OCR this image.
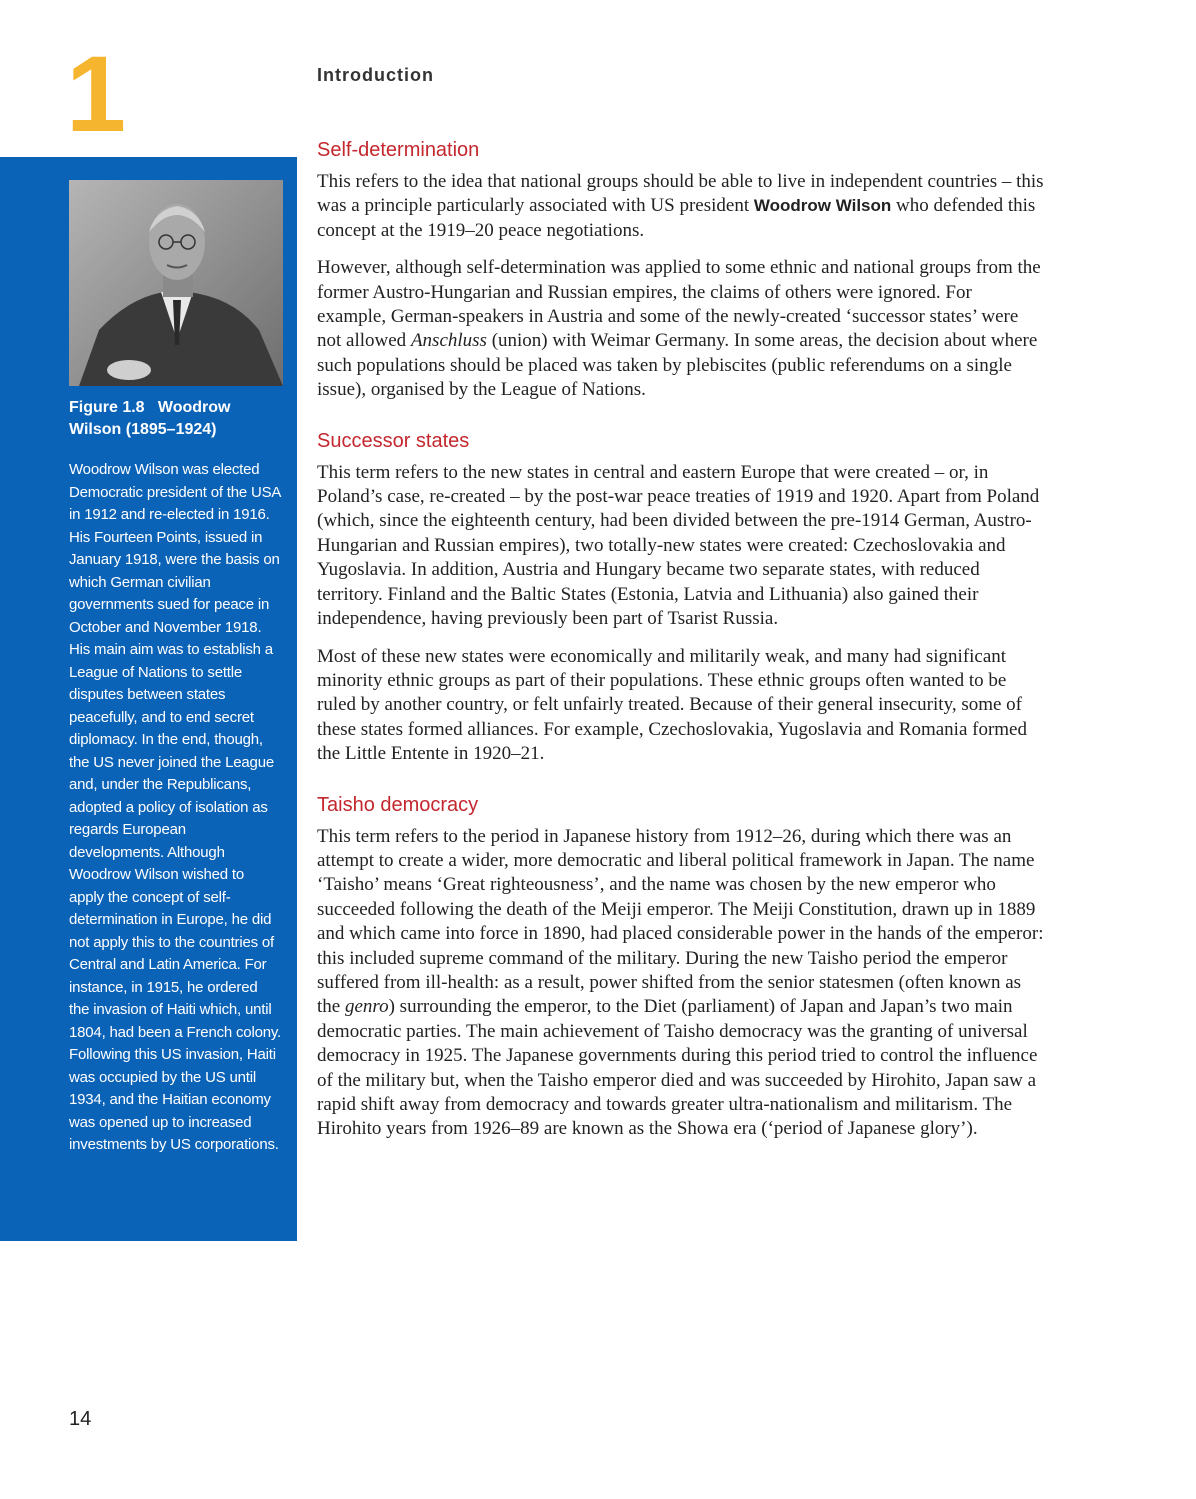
1	Introduction
Figure 1.8 Woodrow Wilson (1895–1924)
Woodrow Wilson was elected Democratic president of the USA in 1912 and re-elected in 1916. His Fourteen Points, issued in January 1918, were the basis on which German civilian governments sued for peace in October and November 1918. His main aim was to establish a League of Nations to settle disputes between states peacefully, and to end secret diplomacy. In the end, though, the US never joined the League and, under the Republicans, adopted a policy of isolation as regards European developments. Although Woodrow Wilson wished to apply the concept of self-determination in Europe, he did not apply this to the countries of Central and Latin America. For instance, in 1915, he ordered the invasion of Haiti which, until 1804, had been a French colony. Following this US invasion, Haiti was occupied by the US until 1934, and the Haitian economy was opened up to increased investments by US corporations.
Self-determination

This refers to the idea that national groups should be able to live in independent countries – this was a principle particularly associated with US president Woodrow Wilson who defended this concept at the 1919–20 peace negotiations.

However, although self-determination was applied to some ethnic and national groups from the former Austro-Hungarian and Russian empires, the claims of others were ignored. For example, German-speakers in Austria and some of the newly-created ‘successor states’ were not allowed Anschluss (union) with Weimar Germany. In some areas, the decision about where such populations should be placed was taken by plebiscites (public referendums on a single issue), organised by the League of Nations.

Successor states

This term refers to the new states in central and eastern Europe that were created – or, in Poland’s case, re-created – by the post-war peace treaties of 1919 and 1920. Apart from Poland (which, since the eighteenth century, had been divided between the pre-1914 German, Austro-Hungarian and Russian empires), two totally-new states were created: Czechoslovakia and Yugoslavia. In addition, Austria and Hungary became two separate states, with reduced territory. Finland and the Baltic States (Estonia, Latvia and Lithuania) also gained their independence, having previously been part of Tsarist Russia.

Most of these new states were economically and militarily weak, and many had significant minority ethnic groups as part of their populations. These ethnic groups often wanted to be ruled by another country, or felt unfairly treated. Because of their general insecurity, some of these states formed alliances. For example, Czechoslovakia, Yugoslavia and Romania formed the Little Entente in 1920–21.

Taisho democracy

This term refers to the period in Japanese history from 1912–26, during which there was an attempt to create a wider, more democratic and liberal political framework in Japan. The name ‘Taisho’ means ‘Great righteousness’, and the name was chosen by the new emperor who succeeded following the death of the Meiji emperor. The Meiji Constitution, drawn up in 1889 and which came into force in 1890, had placed considerable power in the hands of the emperor: this included supreme command of the military. During the new Taisho period the emperor suffered from ill-health: as a result, power shifted from the senior statesmen (often known as the genro) surrounding the emperor, to the Diet (parliament) of Japan and Japan’s two main democratic parties. The main achievement of Taisho democracy was the granting of universal democracy in 1925. The Japanese governments during this period tried to control the influence of the military but, when the Taisho emperor died and was succeeded by Hirohito, Japan saw a rapid shift away from democracy and towards greater ultra-nationalism and militarism. The Hirohito years from 1926–89 are known as the Showa era (‘period of Japanese glory’).

14
